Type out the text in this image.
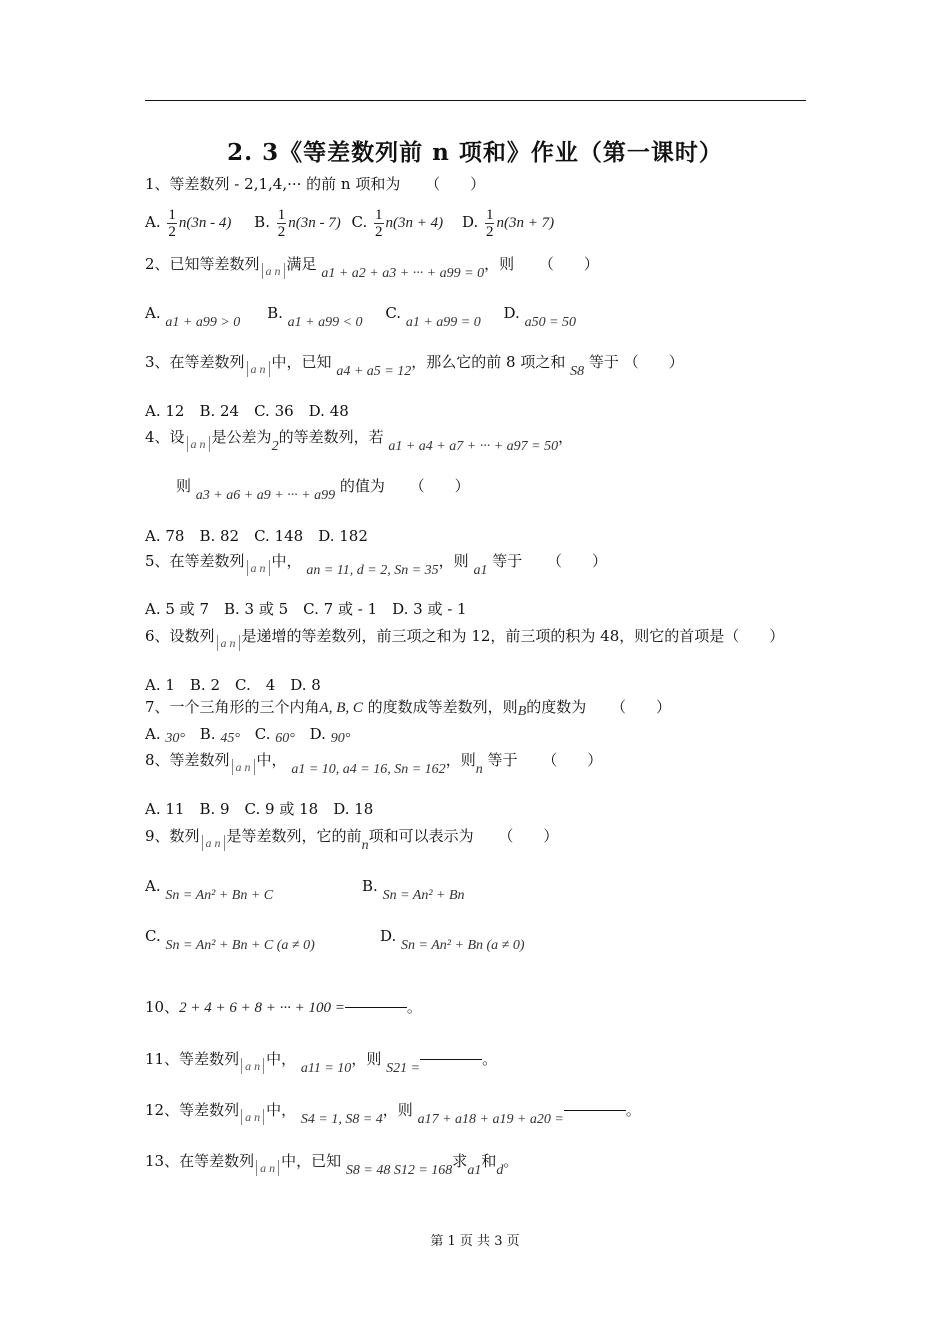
2. 3《等差数列前 n 项和》作业（第一课时）
1、等差数列 - 2,1,4,··· 的前 n 项和为 （　　）
A. $\frac{1}{2} n(3n - 4)$ B. $\frac{1}{2} n(3n - 7)$ C. $\frac{1}{2} n(3n + 4)$ D. $\frac{1}{2} n(3n + 7)$
2、已知等差数列 a n 满足 a1 + a2 + a3 + ··· + a99 = 0，则 （　　）
A. a1 + a99 > 0 B. a1 + a99 < 0 C. a1 + a99 = 0 D. a50 = 50
3、在等差数列 a n 中，已知 a4 + a5 = 12，那么它的前 8 项之和 S8 等于 （　　）
A. 12　B. 24　C. 36　D. 48
4、设 a n 是公差为2的等差数列，若 a1 + a4 + a7 + ··· + a97 = 50，
则 a3 + a6 + a9 + ··· + a99 的值为 （　　）
A. 78　B. 82　C. 148　D. 182
5、在等差数列 a n 中， an = 11, d = 2, Sn = 35，则 a1 等于 （　　）
A. 5 或 7　B. 3 或 5　C. 7 或 - 1　D. 3 或 - 1
6、设数列 a n 是递增的等差数列，前三项之和为 12，前三项的积为 48，则它的首项是（　　）
A. 1　B. 2　C.　4　D. 8
7、一个三角形的三个内角A, B, C 的度数成等差数列，则B的度数为 （　　）
A. 30° B. 45° C. 60° D. 90°
8、等差数列 a n 中， a1 = 10, a4 = 16, Sn = 162，则n 等于 （　　）
A. 11　B. 9　C. 9 或 18　D. 18
9、数列 a n 是等差数列，它的前n项和可以表示为 （　　）
A. Sn = An² + Bn + C
B. Sn = An² + Bn
C. Sn = An² + Bn + C (a ≠ 0)
D. Sn = An² + Bn (a ≠ 0)
10、2 + 4 + 6 + 8 + ··· + 100 =	。
11、等差数列 a n 中， a11 = 10，则 S21 =。
12、等差数列 a n 中， S4 = 1, S8 = 4，则 a17 + a18 + a19 + a20 =。
13、在等差数列 a n 中，已知 S8 = 48 S12 = 168求a1和d。
第 1 页 共 3 页
